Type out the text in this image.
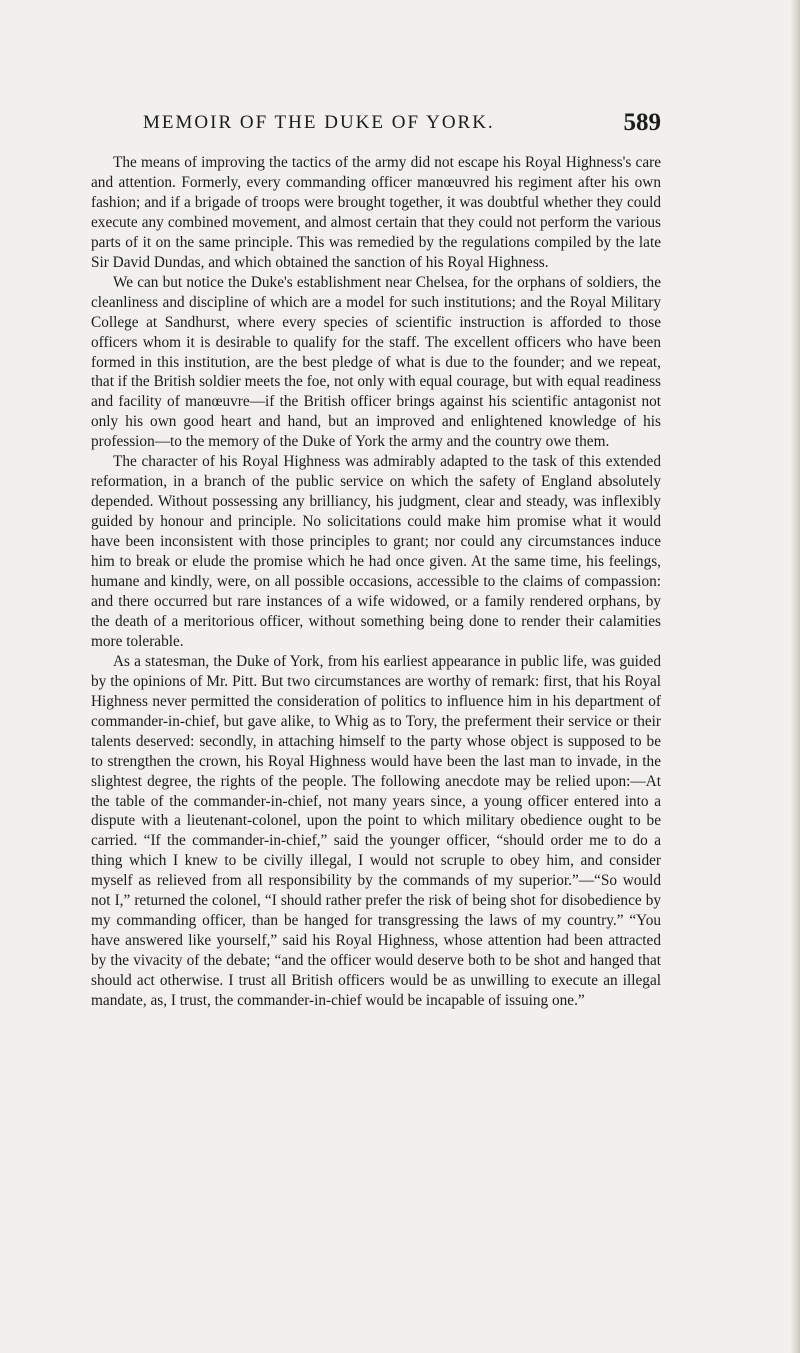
MEMOIR OF THE DUKE OF YORK.	589

The means of improving the tactics of the army did not escape his Royal Highness's care and attention. Formerly, every commanding officer manœuvred his regiment after his own fashion; and if a brigade of troops were brought together, it was doubtful whether they could execute any combined movement, and almost certain that they could not perform the various parts of it on the same principle. This was remedied by the regulations compiled by the late Sir David Dundas, and which obtained the sanction of his Royal Highness.

We can but notice the Duke's establishment near Chelsea, for the orphans of soldiers, the cleanliness and discipline of which are a model for such institutions; and the Royal Military College at Sandhurst, where every species of scientific instruction is afforded to those officers whom it is desirable to qualify for the staff. The excellent officers who have been formed in this institution, are the best pledge of what is due to the founder; and we repeat, that if the British soldier meets the foe, not only with equal courage, but with equal readiness and facility of manœuvre—if the British officer brings against his scientific antagonist not only his own good heart and hand, but an improved and enlightened knowledge of his profession—to the memory of the Duke of York the army and the country owe them.

The character of his Royal Highness was admirably adapted to the task of this extended reformation, in a branch of the public service on which the safety of England absolutely depended. Without possessing any brilliancy, his judgment, clear and steady, was inflexibly guided by honour and principle. No solicitations could make him promise what it would have been inconsistent with those principles to grant; nor could any circumstances induce him to break or elude the promise which he had once given. At the same time, his feelings, humane and kindly, were, on all possible occasions, accessible to the claims of compassion: and there occurred but rare instances of a wife widowed, or a family rendered orphans, by the death of a meritorious officer, without something being done to render their calamities more tolerable.

As a statesman, the Duke of York, from his earliest appearance in public life, was guided by the opinions of Mr. Pitt. But two circumstances are worthy of remark: first, that his Royal Highness never permitted the consideration of politics to influence him in his department of commander-in-chief, but gave alike, to Whig as to Tory, the preferment their service or their talents deserved: secondly, in attaching himself to the party whose object is supposed to be to strengthen the crown, his Royal Highness would have been the last man to invade, in the slightest degree, the rights of the people. The following anecdote may be relied upon:—At the table of the commander-in-chief, not many years since, a young officer entered into a dispute with a lieutenant-colonel, upon the point to which military obedience ought to be carried. “If the commander-in-chief,” said the younger officer, “should order me to do a thing which I knew to be civilly illegal, I would not scruple to obey him, and consider myself as relieved from all responsibility by the commands of my superior.”—“So would not I,” returned the colonel, “I should rather prefer the risk of being shot for disobedience by my commanding officer, than be hanged for transgressing the laws of my country.” “You have answered like yourself,” said his Royal Highness, whose attention had been attracted by the vivacity of the debate; “and the officer would deserve both to be shot and hanged that should act otherwise. I trust all British officers would be as unwilling to execute an illegal mandate, as, I trust, the commander-in-chief would be incapable of issuing one.”
